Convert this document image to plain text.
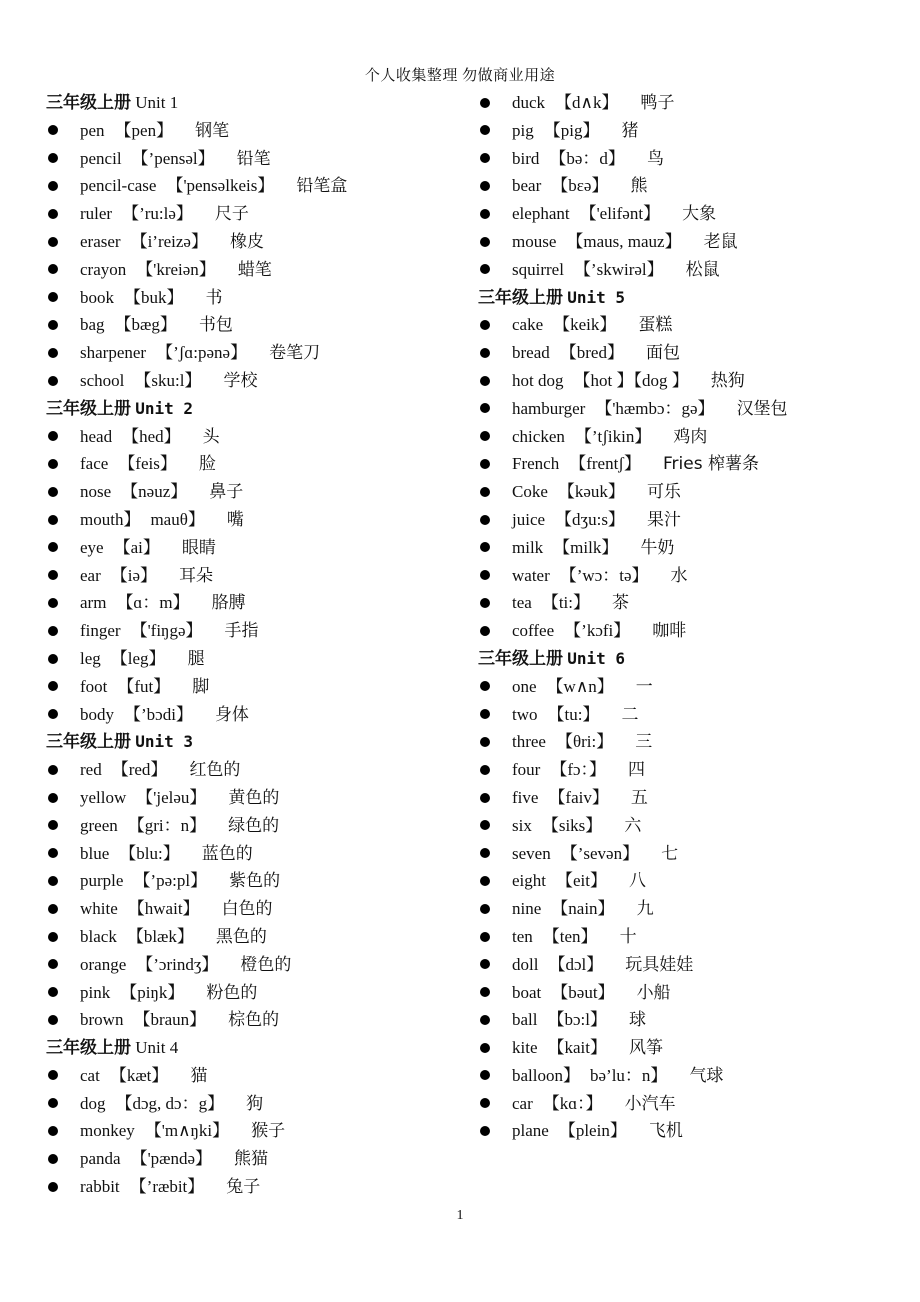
个人收集整理 勿做商业用途
三年级上册 Unit 1
pen 【pen】 钢笔
pencil 【’pensəl】 铅笔
pencil-case 【'pensəlkeis】 铅笔盒
ruler 【’ru:lə】 尺子
eraser 【i’reizə】 橡皮
crayon 【'kreiən】 蜡笔
book 【buk】 书
bag 【bæg】 书包
sharpener 【’ʃɑ:pənə】 卷笔刀
school 【sku:l】 学校
三年级上册 Unit 2
head 【hed】 头
face 【feis】 脸
nose 【nəuz】 鼻子
mouth】 mauθ】 嘴
eye 【ai】 眼睛
ear 【iə】 耳朵
arm 【ɑ：m】 胳膊
finger 【'fiŋgə】 手指
leg 【leg】 腿
foot 【fut】 脚
body 【’bɔdi】 身体
三年级上册 Unit 3
red 【red】 红色的
yellow 【'jeləu】 黄色的
green 【gri：n】 绿色的
blue 【blu:】 蓝色的
purple 【’pə:pl】 紫色的
white 【hwait】 白色的
black 【blæk】 黑色的
orange 【’ɔrindʒ】 橙色的
pink 【piŋk】 粉色的
brown 【braun】 棕色的
三年级上册 Unit 4
cat 【kæt】 猫
dog 【dɔg, dɔ：g】 狗
monkey 【'm∧ŋki】 猴子
panda 【'pændə】 熊猫
rabbit 【’ræbit】 兔子
duck 【d∧k】 鸭子
pig 【pig】 猪
bird 【bə：d】 鸟
bear 【bεə】 熊
elephant 【'elifənt】 大象
mouse 【maus, mauz】 老鼠
squirrel 【’skwirəl】 松鼠
三年级上册 Unit 5
cake 【keik】 蛋糕
bread 【bred】 面包
hot dog 【hot 】【dog 】 热狗
hamburger 【'hæmbɔ：gə】 汉堡包
chicken 【’tʃikin】 鸡肉
French 【frentʃ】 Fries 榨薯条
Coke 【kəuk】 可乐
juice 【dʒu:s】 果汁
milk 【milk】 牛奶
water 【’wɔ：tə】 水
tea 【ti:】 茶
coffee 【’kɔfi】 咖啡
三年级上册 Unit 6
one 【w∧n】 一
two 【tu:】 二
three 【θri:】 三
four 【fɔ：】 四
five 【faiv】 五
six 【siks】 六
seven 【’sevən】 七
eight 【eit】 八
nine 【nain】 九
ten 【ten】 十
doll 【dɔl】 玩具娃娃
boat 【bəut】 小船
ball 【bɔ:l】 球
kite 【kait】 风筝
balloon】 bə’lu：n】 气球
car 【kɑ：】 小汽车
plane 【plein】 飞机
1
